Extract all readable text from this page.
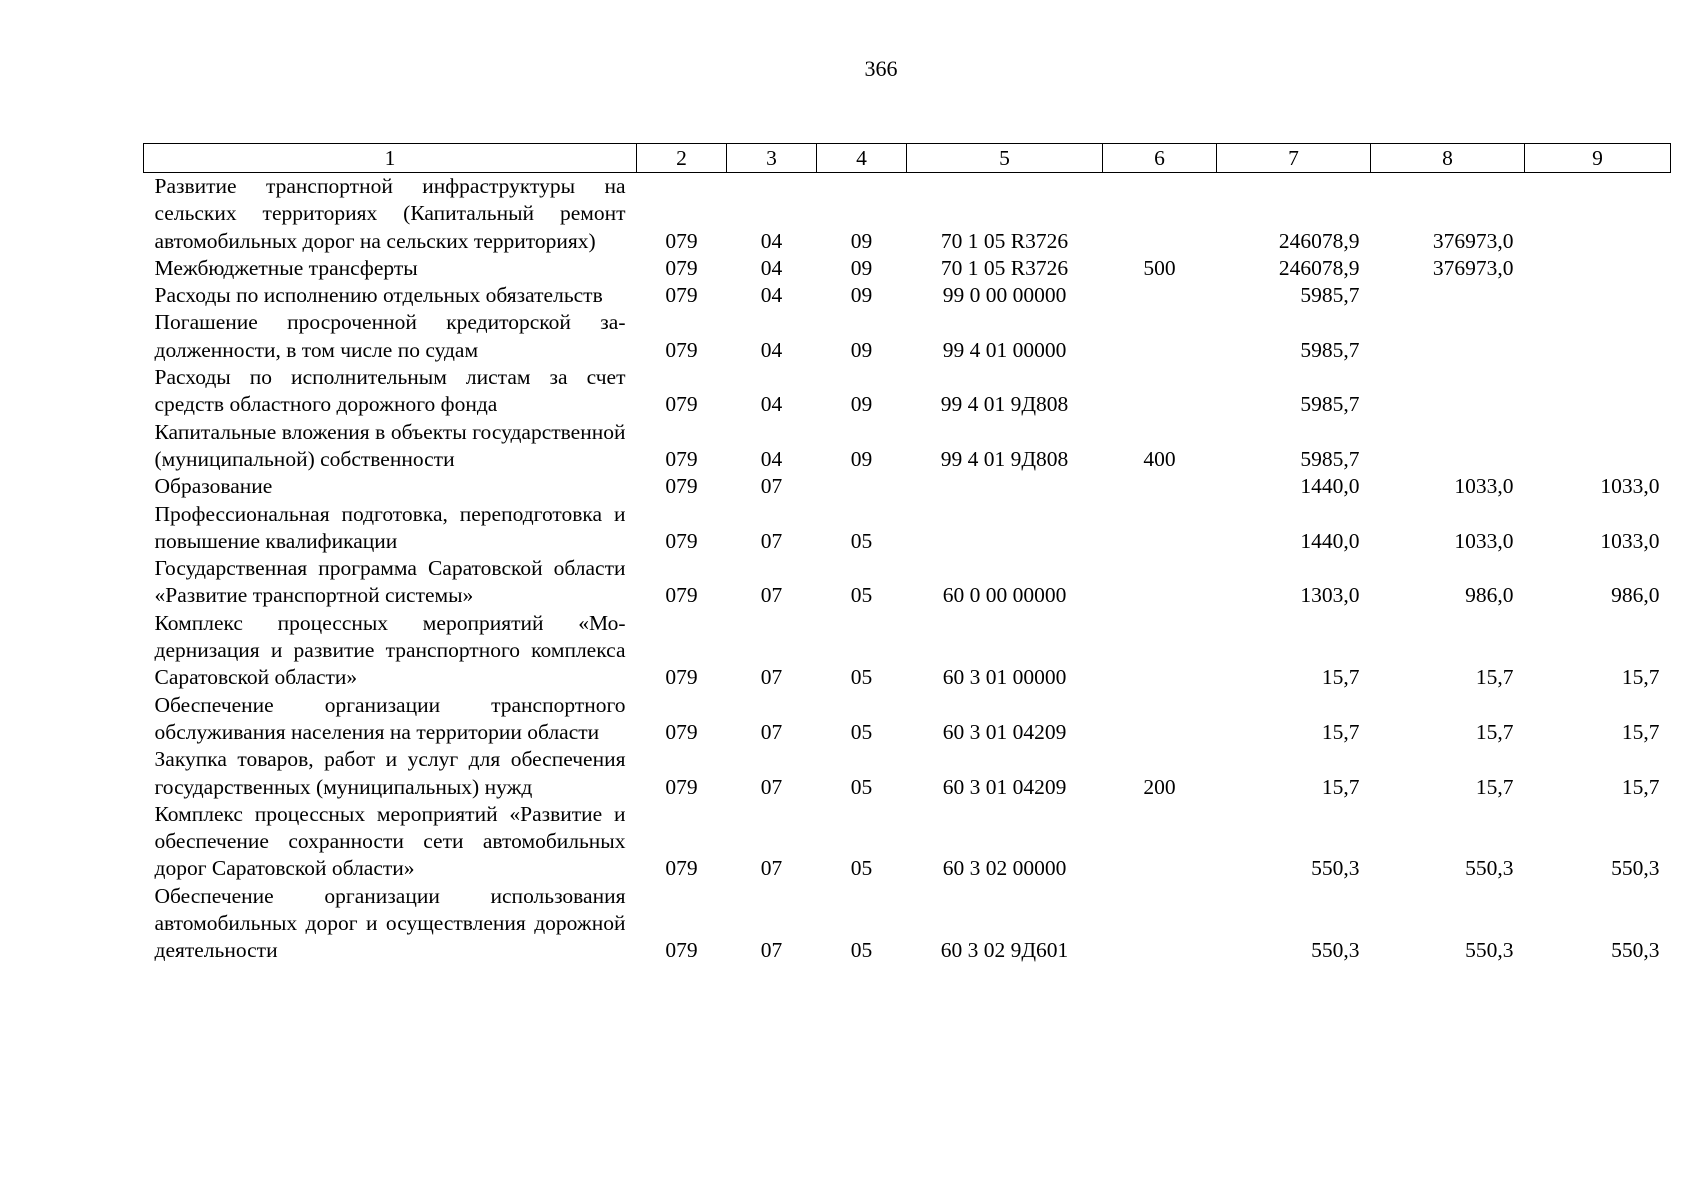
366
1	2	3	4	5	6	7	8	9
Развитие транспортной инфраструктуры на сельских территориях (Капитальный ремонт автомобильных дорог на сельских территориях)	079	04	09	70 1 05 R3726		246078,9	376973,0	
Межбюджетные трансферты	079	04	09	70 1 05 R3726	500	246078,9	376973,0	
Расходы по исполнению отдельных обязательств	079	04	09	99 0 00 00000		5985,7		
Погашение просроченной кредиторской задолженности, в том числе по судам	079	04	09	99 4 01 00000		5985,7		
Расходы по исполнительным листам за счет средств областного дорожного фонда	079	04	09	99 4 01 9Д808		5985,7		
Капитальные вложения в объекты государственной (муниципальной) собственности	079	04	09	99 4 01 9Д808	400	5985,7		
Образование	079	07				1440,0	1033,0	1033,0
Профессиональная подготовка, переподготовка и повышение квалификации	079	07	05			1440,0	1033,0	1033,0
Государственная программа Саратовской области «Развитие транспортной системы»	079	07	05	60 0 00 00000		1303,0	986,0	986,0
Комплекс процессных мероприятий «Модернизация и развитие транспортного комплекса Саратовской области»	079	07	05	60 3 01 00000		15,7	15,7	15,7
Обеспечение организации транспортного обслуживания населения на территории области	079	07	05	60 3 01 04209		15,7	15,7	15,7
Закупка товаров, работ и услуг для обеспечения государственных (муниципальных) нужд	079	07	05	60 3 01 04209	200	15,7	15,7	15,7
Комплекс процессных мероприятий «Развитие и обеспечение сохранности сети автомобильных дорог Саратовской области»	079	07	05	60 3 02 00000		550,3	550,3	550,3
Обеспечение организации использования автомобильных дорог и осуществления дорожной деятельности	079	07	05	60 3 02 9Д601		550,3	550,3	550,3
